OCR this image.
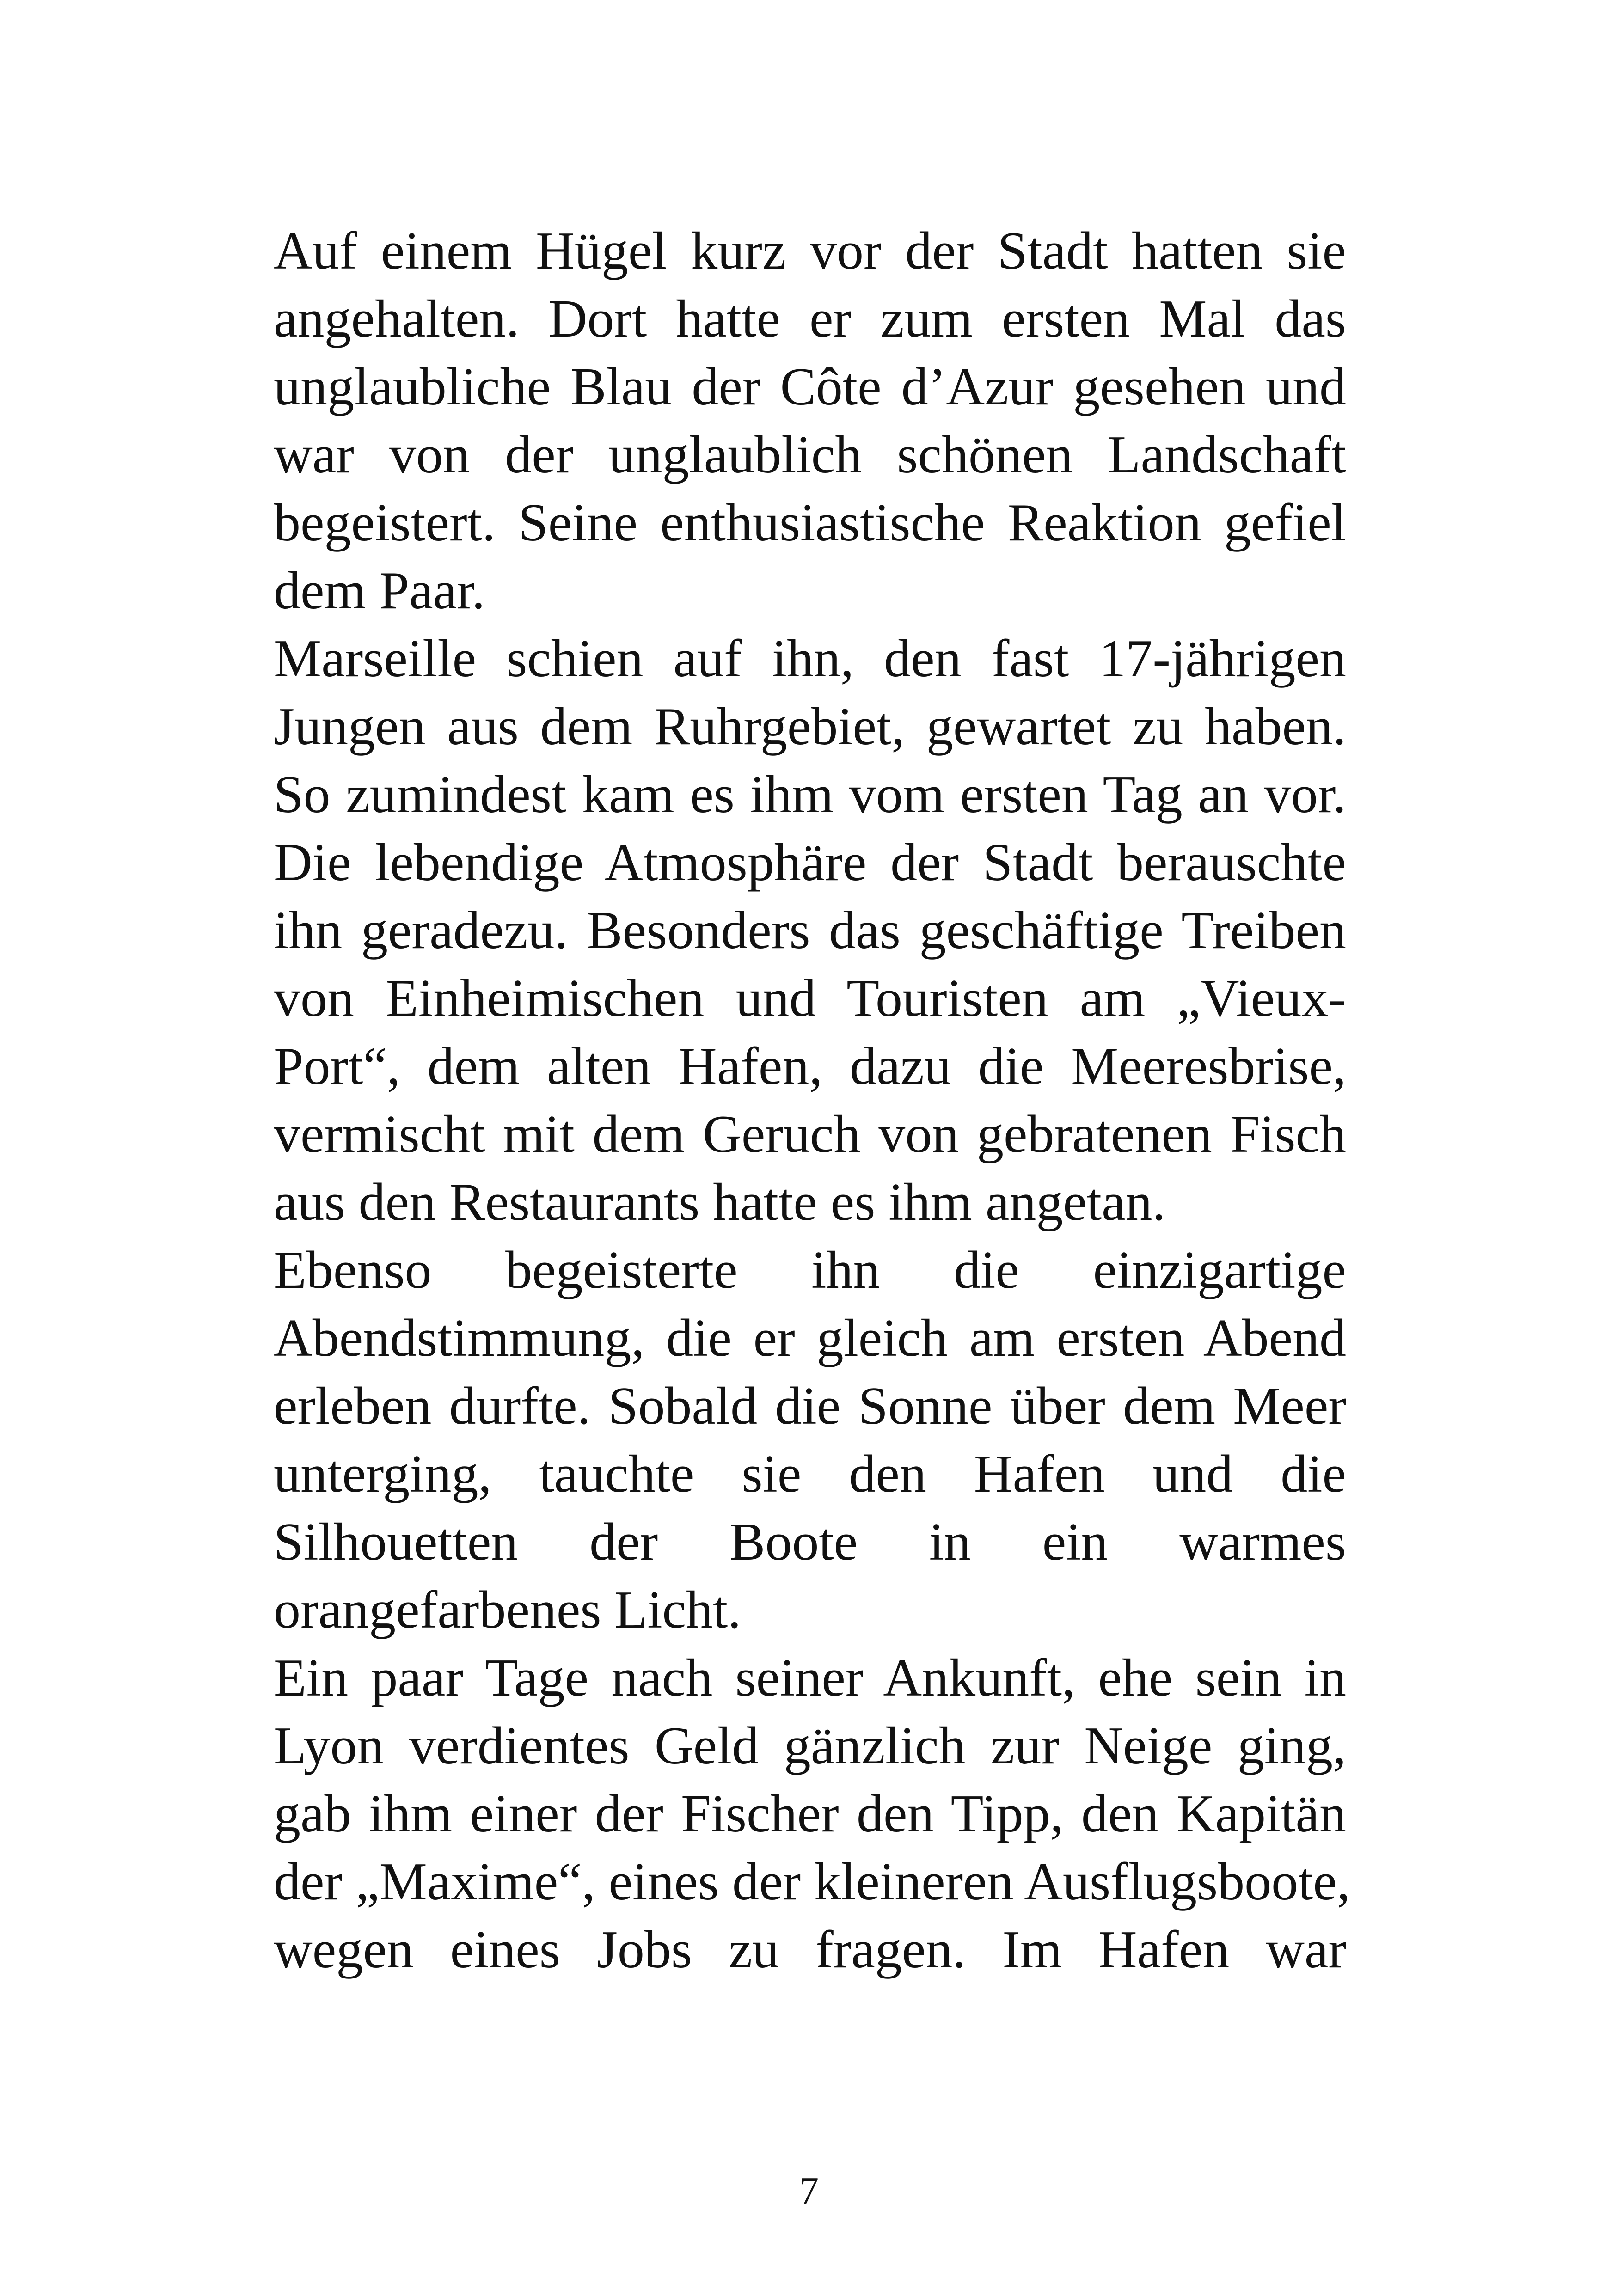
Auf einem Hügel kurz vor der Stadt hatten sie
angehalten. Dort hatte er zum ersten Mal das
unglaubliche Blau der Côte d’Azur gesehen und
war von der unglaublich schönen Landschaft
begeistert. Seine enthusiastische Reaktion gefiel
dem Paar.
Marseille schien auf ihn, den fast 17-jährigen
Jungen aus dem Ruhrgebiet, gewartet zu haben.
So zumindest kam es ihm vom ersten Tag an vor.
Die lebendige Atmosphäre der Stadt berauschte
ihn geradezu. Besonders das geschäftige Treiben
von Einheimischen und Touristen am „Vieux-
Port“, dem alten Hafen, dazu die Meeresbrise,
vermischt mit dem Geruch von gebratenen Fisch
aus den Restaurants hatte es ihm angetan.
Ebenso begeisterte ihn die einzigartige
Abendstimmung, die er gleich am ersten Abend
erleben durfte. Sobald die Sonne über dem Meer
unterging, tauchte sie den Hafen und die
Silhouetten der Boote in ein warmes
orangefarbenes Licht.
Ein paar Tage nach seiner Ankunft, ehe sein in
Lyon verdientes Geld gänzlich zur Neige ging,
gab ihm einer der Fischer den Tipp, den Kapitän
der „Maxime“, eines der kleineren Ausflugsboote,
wegen eines Jobs zu fragen. Im Hafen war
7
